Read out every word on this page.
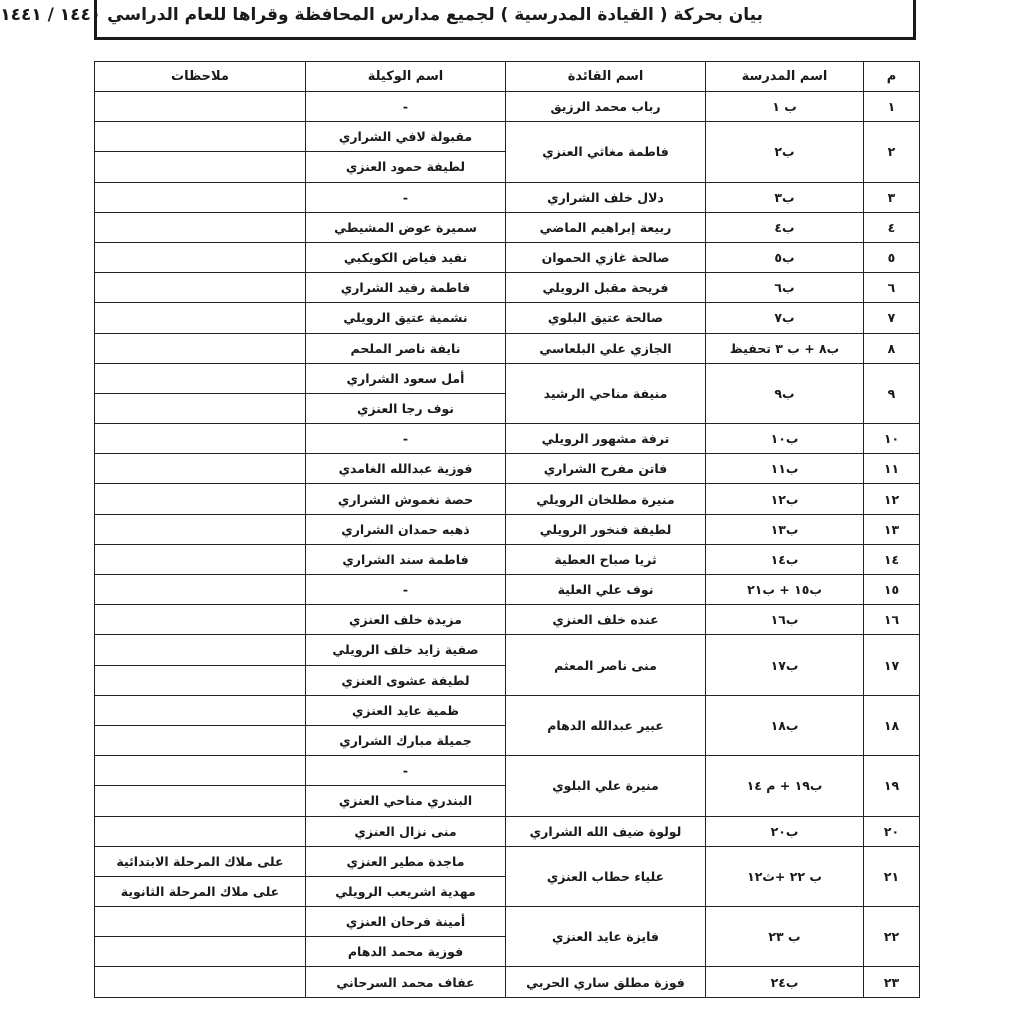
بيان بحركة ( القيادة المدرسية ) لجميع مدارس المحافظة وقراها للعام الدراسي ١٤٤٠ / ١٤٤١
م	اسم المدرسة	اسم القائدة	اسم الوكيلة	ملاحظات
١	ب ١	رباب محمد الرزيق	-	
٢	ب٢	فاطمة مغاثي العنزي	مقبولة لافي الشراري	
			لطيفة حمود العنزي	
٣	ب٣	دلال خلف الشراري	-	
٤	ب٤	ربيعة إبراهيم الماضي	سميرة عوض المشيطي	
٥	ب٥	صالحة غازي الحموان	نفيد فياض الكويكبي	
٦	ب٦	فريحة مقبل الرويلي	فاطمة رفيد الشراري	
٧	ب٧	صالحة عتيق البلوي	نشمية عتيق الرويلي	
٨	ب٨ + ب ٣ تحفيظ	الجازي علي البلعاسي	نايفة ناصر الملحم	
٩	ب٩	منيفة مناحي الرشيد	أمل سعود الشراري	
			نوف رجا العنزي	
١٠	ب١٠	ترفة مشهور الرويلي	-	
١١	ب١١	فاتن مفرح الشراري	فوزية عبدالله الغامدي	
١٢	ب١٢	منيرة مطلخان الرويلي	حصة نغموش الشراري	
١٣	ب١٣	لطيفة فنخور الرويلي	ذهبه حمدان الشراري	
١٤	ب١٤	ثريا صباح العطية	فاطمة سند الشراري	
١٥	ب١٥ + ب٢١	نوف علي العلية	-	
١٦	ب١٦	عنده خلف العنزي	مزيدة خلف العنزي	
١٧	ب١٧	منى ناصر المعثم	صفية زايد خلف الرويلي	
			لطيفة عشوى العنزي	
١٨	ب١٨	عبير عبدالله الدهام	ظمية عايد العنزي	
			جميلة مبارك الشراري	
١٩	ب١٩ + م ١٤	منيرة علي البلوي	-	
			البندري مناحي العنزي	
٢٠	ب٢٠	لولوة ضيف الله الشراري	منى نزال العنزي	
٢١	ب ٢٢ +ث١٢	علياء حطاب العنزي	ماجدة مطير العنزي	على ملاك المرحلة الابتدائية
			مهدية اشريعب الرويلي	على ملاك المرحلة الثانوية
٢٢	ب ٢٣	فايزة عايد العنزي	أمينة فرحان العنزي	
			فوزية محمد الدهام	
٢٣	ب٢٤	فوزة مطلق ساري الحربي	عفاف محمد السرحاني	
